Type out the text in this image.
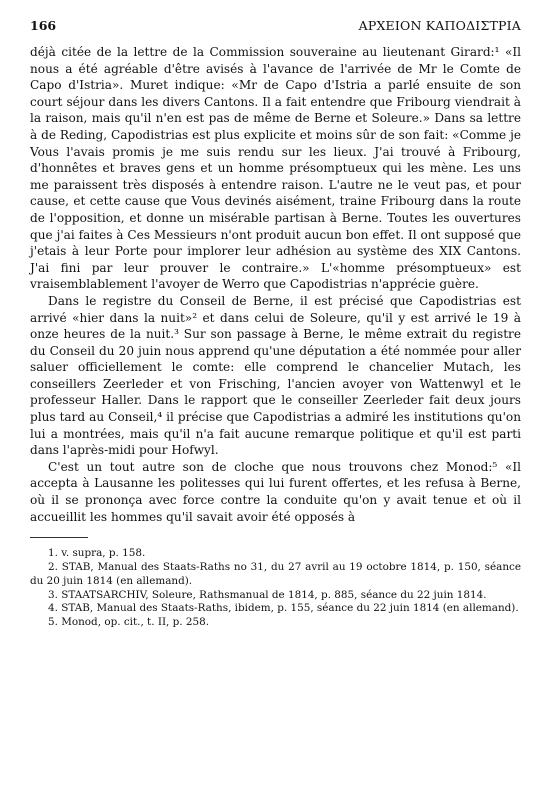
166	ΑΡΧΕΙΟΝ ΚΑΠΟΔΙΣΤΡΙΑ

déjà citée de la lettre de la Commission souveraine au lieutenant Girard:¹ «Il nous a été agréable d'être avisés à l'avance de l'arrivée de Mr le Comte de Capo d'Istria». Muret indique: «Mr de Capo d'Istria a parlé ensuite de son court séjour dans les divers Cantons. Il a fait entendre que Fribourg viendrait à la raison, mais qu'il n'en est pas de même de Berne et Soleure.» Dans sa lettre à de Reding, Capodistrias est plus explicite et moins sûr de son fait: «Comme je Vous l'avais promis je me suis rendu sur les lieux. J'ai trouvé à Fribourg, d'honnêtes et braves gens et un homme présomptueux qui les mène. Les uns me paraissent très disposés à entendre raison. L'autre ne le veut pas, et pour cause, et cette cause que Vous devinés aisément, traine Fribourg dans la route de l'opposition, et donne un misérable partisan à Berne. Toutes les ouvertures que j'ai faites à Ces Messieurs n'ont produit aucun bon effet. Il ont supposé que j'etais à leur Porte pour implorer leur adhésion au système des XIX Cantons. J'ai fini par leur prouver le contraire.» L'«homme présomptueux» est vraisemblablement l'avoyer de Werro que Capodistrias n'apprécie guère.

Dans le registre du Conseil de Berne, il est précisé que Capodistrias est arrivé «hier dans la nuit»² et dans celui de Soleure, qu'il y est arrivé le 19 à onze heures de la nuit.³ Sur son passage à Berne, le même extrait du registre du Conseil du 20 juin nous apprend qu'une députation a été nommée pour aller saluer officiellement le comte: elle comprend le chancelier Mutach, les conseillers Zeerleder et von Frisching, l'ancien avoyer von Wattenwyl et le professeur Haller. Dans le rapport que le conseiller Zeerleder fait deux jours plus tard au Conseil,⁴ il précise que Capodistrias a admiré les institutions qu'on lui a montrées, mais qu'il n'a fait aucune remarque politique et qu'il est parti dans l'après-midi pour Hofwyl.

C'est un tout autre son de cloche que nous trouvons chez Monod:⁵ «Il accepta à Lausanne les politesses qui lui furent offertes, et les refusa à Berne, où il se prononça avec force contre la conduite qu'on y avait tenue et où il accueillit les hommes qu'il savait avoir été opposés à

1. v. supra, p. 158.
2. STAB, Manual des Staats-Raths no 31, du 27 avril au 19 octobre 1814, p. 150, séance du 20 juin 1814 (en allemand).
3. STAATSARCHIV, Soleure, Rathsmanual de 1814, p. 885, séance du 22 juin 1814.
4. STAB, Manual des Staats-Raths, ibidem, p. 155, séance du 22 juin 1814 (en allemand).
5. Monod, op. cit., t. II, p. 258.
